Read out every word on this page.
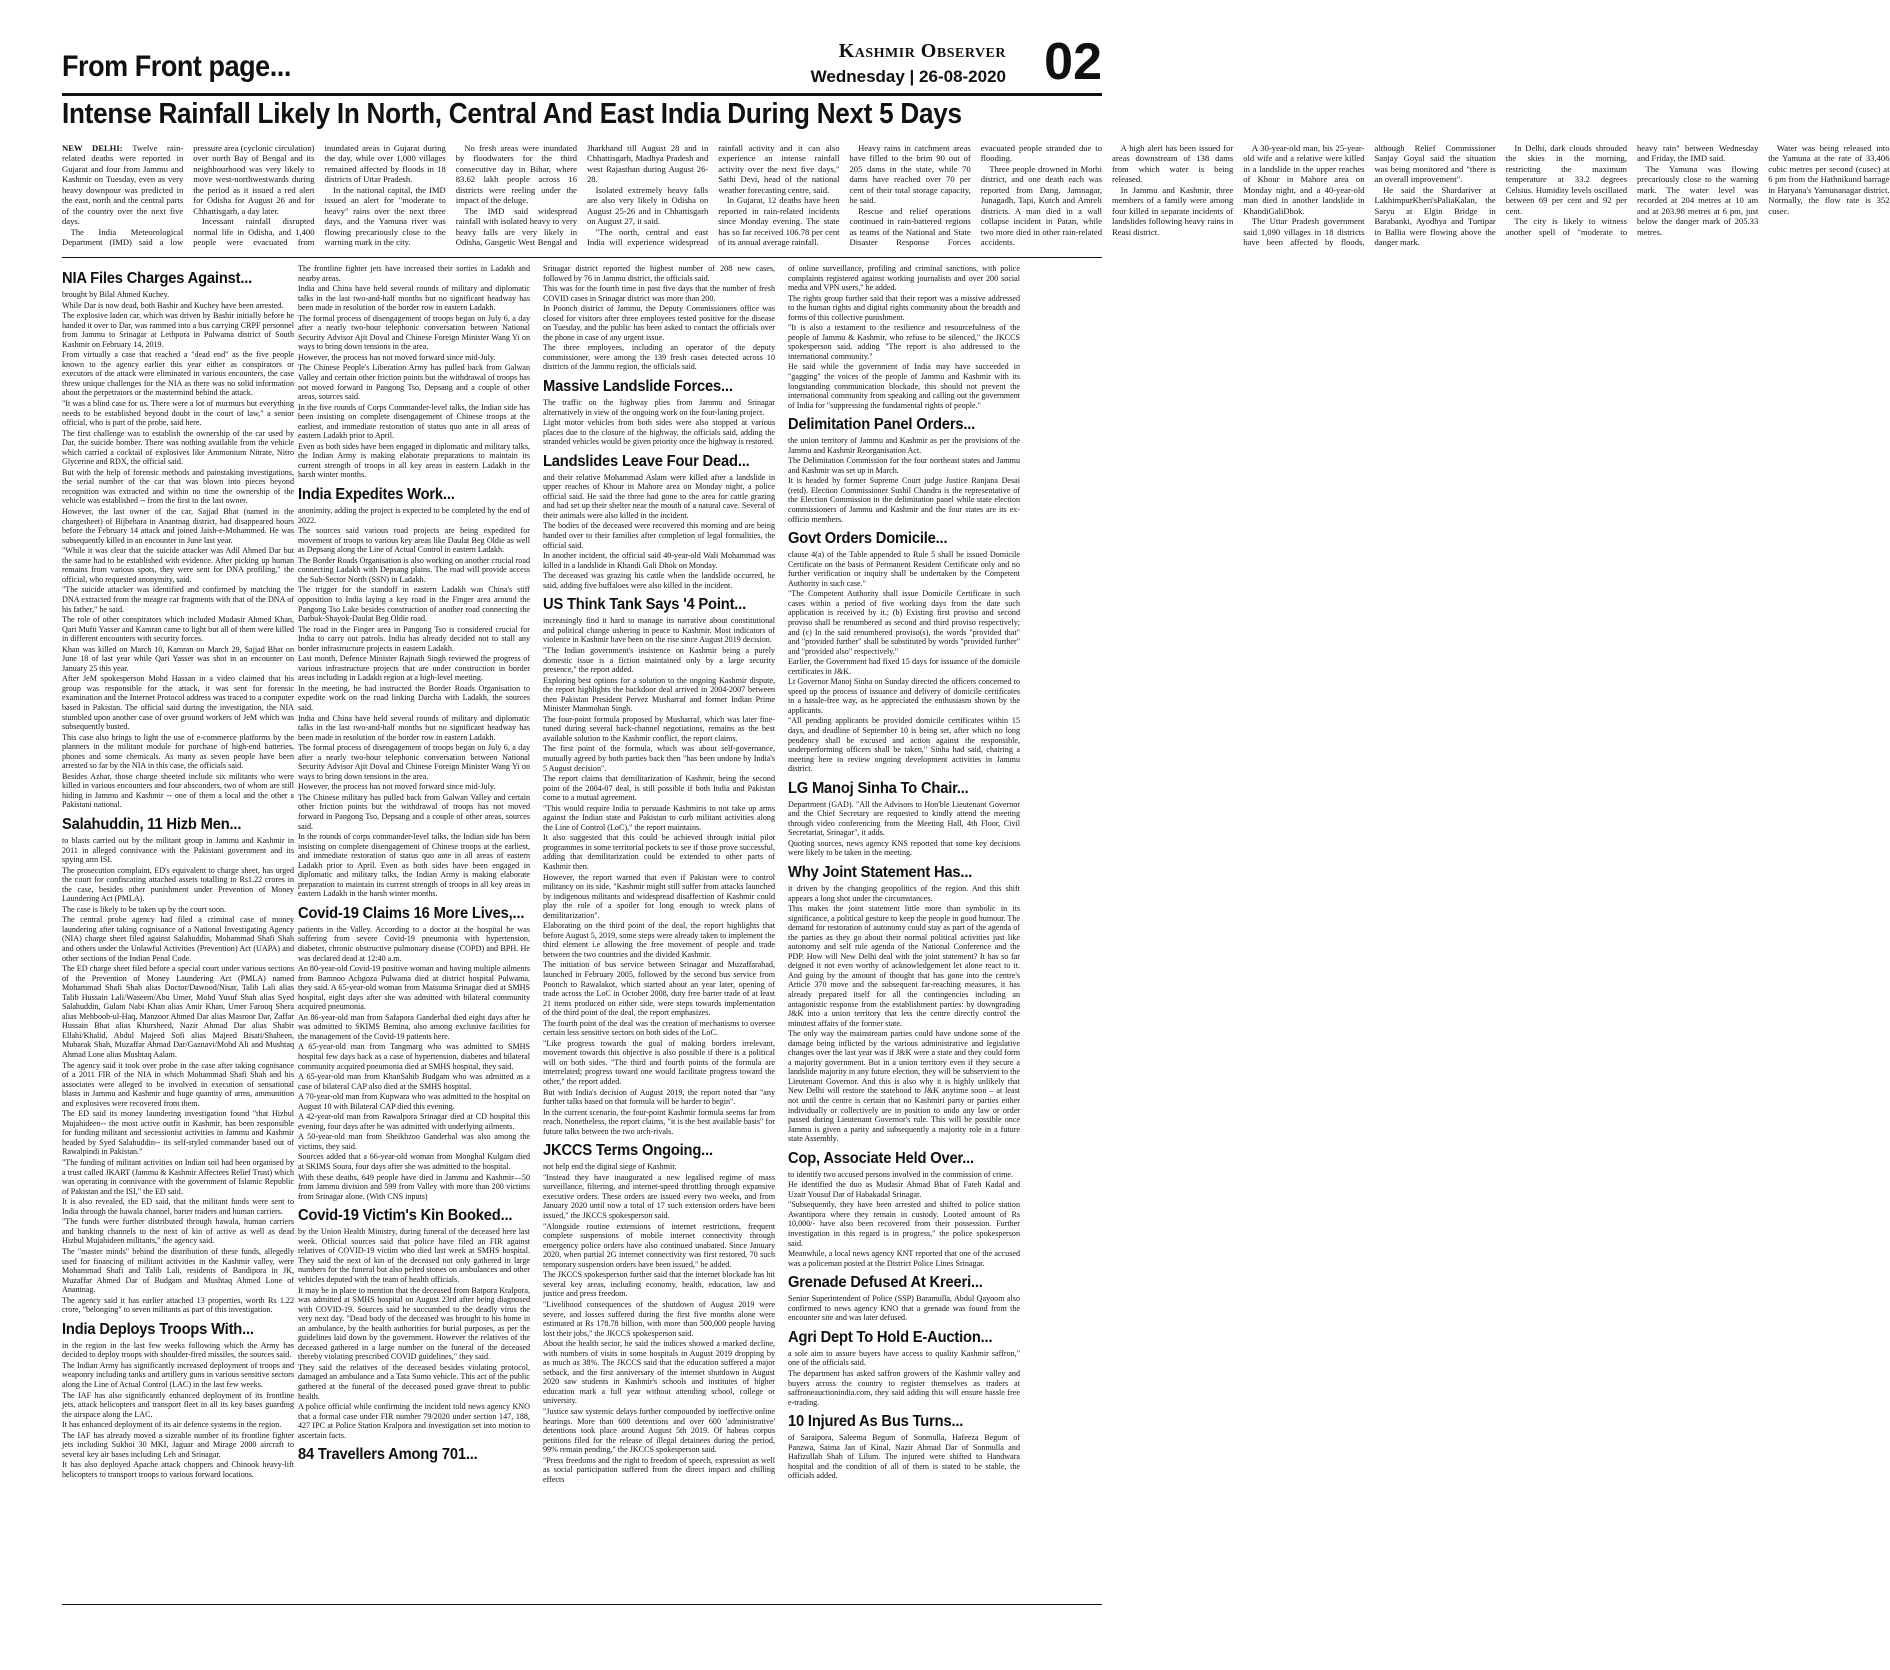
From Front page...	Kashmir Observer
Wednesday | 26-08-2020 02
Intense Rainfall Likely In North, Central And East India During Next 5 Days

NEW DELHI: Twelve rain-related deaths were reported in Gujarat and four from Jammu and Kashmir on Tuesday, even as very heavy downpour was predicted in the east, north and the central parts of the country over the next five days.

 The India Meteorological Department (IMD) said a low pressure area (cyclonic circulation) over north Bay of Bengal and its neighbourhood was very likely to move west-northwestwards during the period as it issued a red alert for Odisha for August 26 and for Chhattisgarh, a day later.

 Incessant rainfall disrupted normal life in Odisha, and 1,400 people were evacuated from inundated areas in Gujarat during the day, while over 1,000 villages remained affected by floods in 18 districts of Uttar Pradesh.

 In the national capital, the IMD issued an alert for "moderate to heavy" rains over the next three days, and the Yamuna river was flowing precariously close to the warning mark in the city.

 No fresh areas were inundated by floodwaters for the third consecutive day in Bihar, where 83.62 lakh people across 16 districts were reeling under the impact of the deluge.

 The IMD said widespread rainfall with isolated heavy to very heavy falls are very likely in Odisha, Gangetic West Bengal and Jharkhand till August 28 and in Chhattisgarh, Madhya Pradesh and west Rajasthan during August 26-28.

 Isolated extremely heavy falls are also very likely in Odisha on August 25-26 and in Chhattisgarh on August 27, it said.

 "The north, central and east India will experience widespread rainfall activity and it can also experience an intense rainfall activity over the next five days," Sathi Devi, head of the national weather forecasting centre, said.

 In Gujarat, 12 deaths have been reported in rain-related incidents since Monday evening. The state has so far received 106.78 per cent of its annual average rainfall.

 Heavy rains in catchment areas have filled to the brim 90 out of 205 dams in the state, while 70 dams have reached over 70 per cent of their total storage capacity, he said.

 Rescue and relief operations continued in rain-battered regions as teams of the National and State Disaster Response Forces evacuated people stranded due to flooding.

 Three people drowned in Morbi district, and one death each was reported from Dang, Jamnagar, Junagadh, Tapi, Kutch and Amreli districts. A man died in a wall collapse incident in Patan, while two more died in other rain-related accidents.

 A high alert has been issued for areas downstream of 138 dams from which water is being released.

 In Jammu and Kashmir, three members of a family were among four killed in separate incidents of landslides following heavy rains in Reasi district.

 A 30-year-old man, his 25-year-old wife and a relative were killed in a landslide in the upper reaches of Khour in Mahore area on Monday night, and a 40-year-old man died in another landslide in KhandiGaliDhok.

 The Uttar Pradesh government said 1,090 villages in 18 districts have been affected by floods, although Relief Commissioner Sanjay Goyal said the situation was being monitored and "there is an overall improvement".

 He said the Shardariver at LakhimpurKheri'sPaliaKalan, the Saryu at Elgin Bridge in Barabanki, Ayodhya and Turtipar in Ballia were flowing above the danger mark.

 In Delhi, dark clouds shrouded the skies in the morning, restricting the maximum temperature at 33.2 degrees Celsius. Humidity levels oscillated between 69 per cent and 92 per cent.

 The city is likely to witness another spell of "moderate to heavy rain" between Wednesday and Friday, the IMD said.

 The Yamuna was flowing precariously close to the warning mark. The water level was recorded at 204 metres at 10 am and at 203.98 metres at 6 pm, just below the danger mark of 205.33 metres.

 Water was being released into the Yamuna at the rate of 33,406 cubic metres per second (cusec) at 6 pm from the Hathnikund barrage in Haryana's Yamunanagar district. Normally, the flow rate is 352 cusec.

NIA Files Charges Against...

brought by Bilal Ahmed Kuchey.

While Dar is now dead, both Bashir and Kuchey have been arrested.

The explosive laden car, which was driven by Bashir initially before he handed it over to Dar, was rammed into a bus carrying CRPF personnel from Jammu to Srinagar at Lethpora in Pulwama district of South Kashmir on February 14, 2019.

From virtually a case that reached a "dead end" as the five people known to the agency earlier this year either as conspirators or executors of the attack were eliminated in various encounters, the case threw unique challenges for the NIA as there was no solid information about the perpetrators or the mastermind behind the attack.

"It was a blind case for us. There were a lot of murmurs but everything needs to be established beyond doubt in the court of law," a senior official, who is part of the probe, said here.

The first challenge was to establish the ownership of the car used by Dar, the suicide bomber. There was nothing available from the vehicle which carried a cocktail of explosives like Ammonium Nitrate, Nitro Glycerine and RDX, the official said.

But with the help of forensic methods and painstaking investigations, the serial number of the car that was blown into pieces beyond recognition was extracted and within no time the ownership of the vehicle was established -- from the first to the last owner.

However, the last owner of the car, Sajjad Bhat (named in the chargesheet) of Bijbehara in Anantnag district, had disappeared hours before the February 14 attack and joined Jaish-e-Mohammed. He was subsequently killed in an encounter in June last year.

"While it was clear that the suicide attacker was Adil Ahmed Dar but the same had to be established with evidence. After picking up human remains from various spots, they were sent for DNA profiling," the official, who requested anonymity, said.

"The suicide attacker was identified and confirmed by matching the DNA extracted from the meagre car fragments with that of the DNA of his father," he said.

The role of other conspirators which included Mudasir Ahmed Khan, Qari Mufti Yasser and Kamran came to light but all of them were killed in different encounters with security forces.

Khan was killed on March 10, Kamran on March 29, Sajjad Bhat on June 18 of last year while Qari Yasser was shot in an encounter on January 25 this year.

After JeM spokesperson Mohd Hassan in a video claimed that his group was responsible for the attack, it was sent for forensic examination and the Internet Protocol address was traced to a computer based in Pakistan. The official said during the investigation, the NIA stumbled upon another case of over ground workers of JeM which was subsequently busted.

This case also brings to light the use of e-commerce platforms by the planners in the militant module for purchase of high-end batteries, phones and some chemicals. As many as seven people have been arrested so far by the NIA in this case, the officials said.

Besides Azhar, those charge sheeted include six militants who were killed in various encounters and four absconders, two of whom are still hiding in Jammu and Kashmir -- one of them a local and the other a Pakistani national.

Salahuddin, 11 Hizb Men...

to blasts carried out by the militant group in Jammu and Kashmir in 2011 in alleged connivance with the Pakistani government and its spying arm ISI.

The prosecution complaint, ED's equivalent to charge sheet, has urged the court for confiscating attached assets totalling to Rs1.22 crores in the case, besides other punishment under Prevention of Money Laundering Act (PMLA).

The case is likely to be taken up by the court soon.

The central probe agency had filed a criminal case of money laundering after taking cognisance of a National Investigating Agency (NIA) charge sheet filed against Salahuddin, Mohammad Shafi Shah and others under the Unlawful Activities (Prevention) Act (UAPA) and other sections of the Indian Penal Code.

The ED charge sheet filed before a special court under various sections of the Prevention of Money Laundering Act (PMLA) named Mohammad Shafi Shah alias Doctor/Dawood/Nisar, Talib Lali alias Talib Hussain Lali/Waseem/Abu Umer, Mohd Yusuf Shah alias Syed Salahuddin, Gulam Nabi Khan alias Amir Khan, Umer Farooq Shera alias Mehboob-ul-Haq, Manzoor Ahmed Dar alias Masroor Dar, Zaffar Hussain Bhat alias Khursheed, Nazir Ahmad Dar alias Shabir Ellahi/Khalid, Abdul Majeed Sofi alias Majeed Bisati/Shaheen, Mubarak Shah, Muzaffar Ahmad Dar/Gaznavi/Mohd Ali and Mushtaq Ahmad Lone alias Mushtaq Aalam.

The agency said it took over probe in the case after taking cognisance of a 2011 FIR of the NIA in which Mohammad Shafi Shah and his associates were alleged to be involved in execution of sensational blasts in Jammu and Kashmir and huge quantity of arms, ammunition and explosives were recovered from them.

The ED said its money laundering investigation found "that Hizbul Mujahideen-- the most active outfit in Kashmir, has been responsible for funding militant and secessionist activities in Jammu and Kashmir headed by Syed Salahuddin-- its self-styled commander based out of Rawalpindi in Pakistan."

"The funding of militant activities on Indian soil had been organised by a trust called JKART (Jammu & Kashmir Affectees Relief Trust) which was operating in connivance with the government of Islamic Republic of Pakistan and the ISI," the ED said.

It is also revealed, the ED said, that the militant funds were sent to India through the hawala channel, barter traders and human carriers.

"The funds were further distributed through hawala, human carriers and banking channels to the next of kin of active as well as dead Hizbul Mujahideen militants," the agency said.

The "master minds" behind the distribution of these funds, allegedly used for financing of militant activities in the Kashmir valley, were Mohammad Shafi and Talib Lali, residents of Bandipora in JK, Muzaffar Ahmed Dar of Budgam and Mushtaq Ahmed Lone of Anantnag.

The agency said it has earlier attached 13 properties, worth Rs 1.22 crore, "belonging" to seven militants as part of this investigation.

India Deploys Troops With...

in the region in the last few weeks following which the Army has decided to deploy troops with shoulder-fired missiles, the sources said.

The Indian Army has significantly increased deployment of troops and weaponry including tanks and artillery guns in various sensitive sectors along the Line of Actual Control (LAC) in the last few weeks.

The IAF has also significantly enhanced deployment of its frontline jets, attack helicopters and transport fleet in all its key bases guarding the airspace along the LAC.

It has enhanced deployment of its air defence systems in the region.

The IAF has already moved a sizeable number of its frontline fighter jets including Sukhoi 30 MKI, Jaguar and Mirage 2000 aircraft to several key air bases including Leh and Srinagar.

It has also deployed Apache attack choppers and Chinook heavy-lift helicopters to transport troops to various forward locations.

The frontline fighter jets have increased their sorties in Ladakh and nearby areas.

India and China have held several rounds of military and diplomatic talks in the last two-and-half months but no significant headway has been made in resolution of the border row in eastern Ladakh.

The formal process of disengagement of troops began on July 6, a day after a nearly two-hour telephonic conversation between National Security Advisor Ajit Doval and Chinese Foreign Minister Wang Yi on ways to bring down tensions in the area.

However, the process has not moved forward since mid-July.

The Chinese People's Liberation Army has pulled back from Galwan Valley and certain other friction points but the withdrawal of troops has not moved forward in Pangong Tso, Depsang and a couple of other areas, sources said.

In the five rounds of Corps Commander-level talks, the Indian side has been insisting on complete disengagement of Chinese troops at the earliest, and immediate restoration of status quo ante in all areas of eastern Ladakh prior to April.

Even as both sides have been engaged in diplomatic and military talks, the Indian Army is making elaborate preparations to maintain its current strength of troops in all key areas in eastern Ladakh in the harsh winter months.

India Expedites Work...

anonimity, adding the project is expected to be completed by the end of 2022.

The sources said various road projects are being expedited for movement of troops to various key areas like Daulat Beg Oldie as well as Depsang along the Line of Actual Control in eastern Ladakh.

The Border Roads Organisation is also working on another crucial road connecting Ladakh with Depsang plains. The road will provide access the Sub-Sector North (SSN) in Ladakh.

The trigger for the standoff in eastern Ladakh was China's stiff opposition to India laying a key road in the Finger area around the Pangong Tso Lake besides construction of another road connecting the Darbuk-Shayok-Daulat Beg Oldie road.

The road in the Finger area in Pangong Tso is considered crucial for India to carry out patrols. India has already decided not to stall any border infrastructure projects in eastern Ladakh.

Last month, Defence Minister Rajnath Singh reviewed the progress of various infrastructure projects that are under construction in border areas including in Ladakh region at a high-level meeting.

In the meeting, he had instructed the Border Roads Organisation to expedite work on the road linking Darcha with Ladakh, the sources said.

India and China have held several rounds of military and diplomatic talks in the last two-and-half months but no significant headway has been made in resolution of the border row in eastern Ladakh.

The formal process of disengagement of troops began on July 6, a day after a nearly two-hour telephonic conversation between National Security Advisor Ajit Doval and Chinese Foreign Minister Wang Yi on ways to bring down tensions in the area.

However, the process has not moved forward since mid-July.

The Chinese military has pulled back from Galwan Valley and certain other friction points but the withdrawal of troops has not moved forward in Pangong Tso, Depsang and a couple of other areas, sources said.

In the rounds of corps commander-level talks, the Indian side has been insisting on complete disengagement of Chinese troops at the earliest, and immediate restoration of status quo ante in all areas of eastern Ladakh prior to April. Even as both sides have been engaged in diplomatic and military talks, the Indian Army is making elaborate preparation to maintain its current strength of troops in all key areas in eastern Ladakh in the harsh winter months.

Covid-19 Claims 16 More Lives,...

patients in the Valley. According to a doctor at the hospital he was suffering from severe Covid-19 pneumonia with hypertension, diabetes, chronic obstructive pulmonary disease (COPD) and BPH. He was declared dead at 12:40 a.m.

An 80-year-old Covid-19 positive woman and having multiple ailments from Bamnoo Achgoza Pulwama died at district hospital Pulwama, they said. A 65-year-old woman from Maisuma Srinagar died at SMHS hospital, eight days after she was admitted with bilateral community acquired pneumonia.

An 86-year-old man from Safapora Ganderbal died eight days after he was admitted to SKIMS Bemina, also among exclusive facilities for the management of the Covid-19 patients here.

A 65-year-old man from Tangmarg who was admitted to SMHS hospital few days back as a case of hypertension, diabetes and bilateral community acquired pneumonia died at SMHS hospital, they said.

A 65-year-old man from KhanSahib Budgam who was admitted as a case of bilateral CAP also died at the SMHS hospital.

A 70-year-old man from Kupwara who was admitted to the hospital on August 10 with Bilateral CAP died this evening.

A 42-year-old man from Rawalpora Srinagar died at CD hospital this evening, four days after he was admitted with underlying ailments.

A 50-year-old man from Sheikhzoo Ganderbal was also among the victims, they said.

Sources added that a 66-year-old woman from Monghal Kulgam died at SKIMS Soura, four days after she was admitted to the hospital.

With these deaths, 649 people have died in Jammu and Kashmir—50 from Jammu division and 599 from Valley with more than 200 victims from Srinagar alone. (With CNS inputs)

Covid-19 Victim's Kin Booked...

by the Union Health Ministry, during funeral of the deceased here last week. Official sources said that police have filed an FIR against relatives of COVID-19 victim who died last week at SMHS hospital. They said the next of kin of the deceased not only gathered in large numbers for the funeral but also pelted stones on ambulances and other vehicles deputed with the team of health officials.

It may be in place to mention that the deceased from Batpora Kralpora, was admitted at SMHS hospital on August 23rd after being diagnosed with COVID-19. Sources said he succumbed to the deadly virus the very next day. "Dead body of the deceased was brought to his home in an ambulance, by the health authorities for burial purposes, as per the guidelines laid down by the government. However the relatives of the deceased gathered in a large number on the funeral of the deceased thereby violating prescribed COVID guidelines," they said.

They said the relatives of the deceased besides violating protocol, damaged an ambulance and a Tata Sumo vehicle. This act of the public gathered at the funeral of the deceased posed grave threat to public health.

A police official while confirming the incident told news agency KNO that a formal case under FIR number 79/2020 under section 147, 188, 427 IPC at Police Station Kralpora and investigation set into motion to ascertain facts.

84 Travellers Among 701...

Srinagar district reported the highest number of 208 new cases, followed by 76 in Jammu district, the officials said.

This was for the fourth time in past five days that the number of fresh COVID cases in Srinagar district was more than 200.

In Poonch district of Jammu, the Deputy Commissioners office was closed for visitors after three employees tested positive for the disease on Tuesday, and the public has been asked to contact the officials over the phone in case of any urgent issue.

The three employees, including an operator of the deputy commissioner, were among the 139 fresh cases detected across 10 districts of the Jammu region, the officials said.

Massive Landslide Forces...

The traffic on the highway plies from Jammu and Srinagar alternatively in view of the ongoing work on the four-laning project.

Light motor vehicles from both sides were also stopped at various places due to the closure of the highway, the officials said, adding the stranded vehicles would be given priority once the highway is restored.

Landslides Leave Four Dead...

and their relative Mohammad Aslam were killed after a landslide in upper reaches of Khour in Mahore area on Monday night, a police official said. He said the three had gone to the area for cattle grazing and had set up their shelter near the mouth of a natural cave. Several of their animals were also killed in the incident.

The bodies of the deceased were recovered this morning and are being handed over to their families after completion of legal formalities, the official said.

In another incident, the official said 40-year-old Wali Mohammad was killed in a landslide in Khandi Gali Dhok on Monday.

The deceased was grazing his cattle when the landslide occurred, he said, adding five buffaloes were also killed in the incident.

US Think Tank Says '4 Point...

increasingly find it hard to manage its narrative about constitutional and political change ushering in peace to Kashmir. Most indicators of violence in Kashmir have been on the rise since August 2019 decision.

"The Indian government's insistence on Kashmir being a purely domestic issue is a fiction maintained only by a large security presence," the report added.

Exploring best options for a solution to the ongoing Kashmir dispute, the report highlights the backdoor deal arrived in 2004-2007 between then Pakistan President Pervez Musharraf and former Indian Prime Minister Manmohan Singh.

The four-point formula proposed by Musharraf, which was later fine-tuned during several back-channel negotiations, remains as the best available solution to the Kashmir conflict, the report claims.

The first point of the formula, which was about self-governance, mutually agreed by both parties back then "has been undone by India's 5 August decision".

The report claims that demilitarization of Kashmir, being the second point of the 2004-07 deal, is still possible if both India and Pakistan come to a mutual agreement.

"This would require India to persuade Kashmiris to not take up arms against the Indian state and Pakistan to curb militant activities along the Line of Control (LoC)," the report maintains.

It also suggested that this could be achieved through initial pilot programmes in some territorial pockets to see if those prove successful, adding that demilitarization could be extended to other parts of Kashmir then.

However, the report warned that even if Pakistan were to control militancy on its side, "Kashmir might still suffer from attacks launched by indigenous militants and widespread disaffection of Kashmir could play the role of a spoiler for long enough to wreck plans of demilitarization".

Elaborating on the third point of the deal, the report highlights that before August 5, 2019, some steps were already taken to implement the third element i.e allowing the free movement of people and trade between the two countries and the divided Kashmir.

The initiation of bus service between Srinagar and Muzaffarabad, launched in February 2005, followed by the second bus service from Poonch to Rawalakot, which started about an year later, opening of trade across the LoC in October 2008, duty free barter trade of at least 21 items produced on either side, were steps towards implementation of the third point of the deal, the report emphasizes.

The fourth point of the deal was the creation of mechanisms to oversee certain less sensitive sectors on both sides of the LoC.

"Like progress towards the goal of making borders irrelevant, movement towards this objective is also possible if there is a political will on both sides. "The third and fourth points of the formula are interrelated; progress toward one would facilitate progress toward the other," the report added.

But with India's decision of August 2019, the report noted that "any further talks based on that formula will be harder to begin".

In the current scenario, the four-point Kashmir formula seems far from reach. Nonetheless, the report claims, "it is the best available basis" for future talks between the two arch-rivals.

JKCCS Terms Ongoing...

not help end the digital siege of Kashmir.

"Instead they have inaugurated a new legalised regime of mass surveillance, filtering, and internet-speed throttling through expansive executive orders. These orders are issued every two weeks, and from January 2020 until now a total of 17 such extension orders have been issued," the JKCCS spokesperson said.

"Alongside routine extensions of internet restrictions, frequent complete suspensions of mobile internet connectivity through emergency police orders have also continued unabated. Since January 2020, when partial 2G internet connectivity was first restored, 70 such temporary suspension orders have been issued," he added.

The JKCCS spokesperson further said that the internet blockade has hit several key areas, including economy, health, education, law and justice and press freedom.

"Livelihood consequences of the shutdown of August 2019 were severe, and losses suffered during the first five months alone were estimated at Rs 178.78 billion, with more than 500,000 people having lost their jobs," the JKCCS spokesperson said.

About the health sector, he said the indices showed a marked decline, with numbers of visits in some hospitals in August 2019 dropping by as much as 38%. The JKCCS said that the education suffered a major setback, and the first anniversary of the internet shutdown in August 2020 saw students in Kashmir's schools and institutes of higher education mark a full year without attending school, college or university.

"Justice saw systemic delays further compounded by ineffective online hearings. More than 600 detentions and over 600 'administrative' detentions took place around August 5th 2019. Of habeas corpus petitions filed for the release of illegal detainees during the period, 99% remain pending," the JKCCS spokesperson said.

"Press freedoms and the right to freedom of speech, expression as well as social participation suffered from the direct impact and chilling effects

of online surveillance, profiling and criminal sanctions, with police complaints registered against working journalists and over 200 social media and VPN users," he added.

The rights group further said that their report was a missive addressed to the human rights and digital rights community about the breadth and forms of this collective punishment.

"It is also a testament to the resilience and resourcefulness of the people of Jammu & Kashmir, who refuse to be silenced," the JKCCS spokesperson said, adding "The report is also addressed to the international community."

He said while the government of India may have succeeded in "gagging" the voices of the people of Jammu and Kashmir with its longstanding communication blockade, this should not prevent the international community from speaking and calling out the government of India for "suppressing the fundamental rights of people."

Delimitation Panel Orders...

the union territory of Jammu and Kashmir as per the provisions of the Jammu and Kashmir Reorganisation Act.

The Delimitation Commission for the four northeast states and Jammu and Kashmir was set up in March.

It is headed by former Supreme Court judge Justice Ranjana Desai (retd). Election Commissioner Sushil Chandra is the representative of the Election Commission in the delimitation panel while state election commissioners of Jammu and Kashmir and the four states are its ex-officio members.

Govt Orders Domicile...

clause 4(a) of the Table appended to Rule 5 shall be issued Domicile Certificate on the basis of Permanent Resident Certificate only and no further verification or inquiry shall be undertaken by the Competent Authority in such case."

"The Competent Authority shall issue Domicile Certificate in such cases within a period of five working days from the date such application is received by it.; (b) Existing first proviso and second proviso shall be renumbered as second and third proviso respectively; and (c) In the said renumbered proviso(s), the words "provided that" and "provided further" shall be substituted by words "provided further" and "provided also" respectively."

Earlier, the Government had fixed 15 days for issuance of the domicile certificates in J&K.

Lt Governor Manoj Sinha on Sunday directed the officers concerned to speed up the process of issuance and delivery of domicile certificates in a hassle-free way, as he appreciated the enthusiasm shown by the applicants.

"All pending applicants be provided domicile certificates within 15 days, and deadline of September 10 is being set, after which no long pendency shall be excused and action against the responsible, underperforming officers shall be taken," Sinha had said, chairing a meeting here to review ongoing development activities in Jammu district.

LG Manoj Sinha To Chair...

Department (GAD). "All the Advisors to Hon'ble Lieutenant Governor and the Chief Secretary are requested to kindly attend the meeting through video conferencing from the Meeting Hall, 4th Floor, Civil Secretariat, Srinagar", it adds.

Quoting sources, news agency KNS reported that some key decisions were likely to be taken in the meeting.

Why Joint Statement Has...

it driven by the changing geopolitics of the region. And this shift appears a long shot under the circumstances.

This makes the joint statement little more than symbolic in its significance, a political gesture to keep the people in good humour. The demand for restoration of autonomy could stay as part of the agenda of the parties as they go about their normal political activities just like autonomy and self rule agenda of the National Conference and the PDP. How will New Delhi deal with the joint statement? It has so far deigned it not even worthy of acknowledgement let alone react to it. And going by the amount of thought that has gone into the centre's Article 370 move and the subsequent far-reaching measures, it has already prepared itself for all the contingencies including an antagonistic response from the establishment parties: by downgrading J&K into a union territory that lets the centre directly control the minutest affairs of the former state.

The only way the mainstream parties could have undone some of the damage being inflicted by the various administrative and legislative changes over the last year was if J&K were a state and they could form a majority government. But in a union territory even if they secure a landslide majority in any future election, they will be subservient to the Lieutenant Governor. And this is also why it is highly unlikely that New Delhi will restore the statehood to J&K anytime soon – at least not until the centre is certain that no Kashmiri party or parties either individually or collectively are in position to undo any law or order passed during Lieutenant Governor's rule. This will be possible once Jammu is given a parity and subsequently a majority role in a future state Assembly.

Cop, Associate Held Over...

to identify two accused persons involved in the commission of crime.

He identified the duo as Mudasir Ahmad Bhat of Fateh Kadal and Uzair Yousuf Dar of Habakadal Srinagar.

"Subsequently, they have been arrested and shifted to police station Awantipora where they remain in custody. Looted amount of Rs 10,000/- have also been recovered from their possession. Further investigation in this regard is in progress," the police spokesperson said.

Meanwhile, a local news agency KNT reported that one of the accused was a policeman posted at the District Police Lines Srinagar.

Grenade Defused At Kreeri...

Senior Superintendent of Police (SSP) Baramulla, Abdul Qayoom also confirmed to news agency KNO that a grenade was found from the encounter site and was later defused.

Agri Dept To Hold E-Auction...

a sole aim to assure buyers have access to quality Kashmir saffron," one of the officials said.

The department has asked saffron growers of the Kashmir valley and buyers across the country to register themselves as traders at saffroneauctionindia.com, they said adding this will ensure hassle free e-trading.

10 Injured As Bus Turns...

of Saraipora, Saleema Begum of Sonmulla, Hafeeza Begum of Panzwa, Saima Jan of Kinal, Nazir Ahmad Dar of Sonmulla and Hafizullah Shah of Lilum. The injured were shifted to Handwara hospital and the condition of all of them is stated to be stable, the officials added.
